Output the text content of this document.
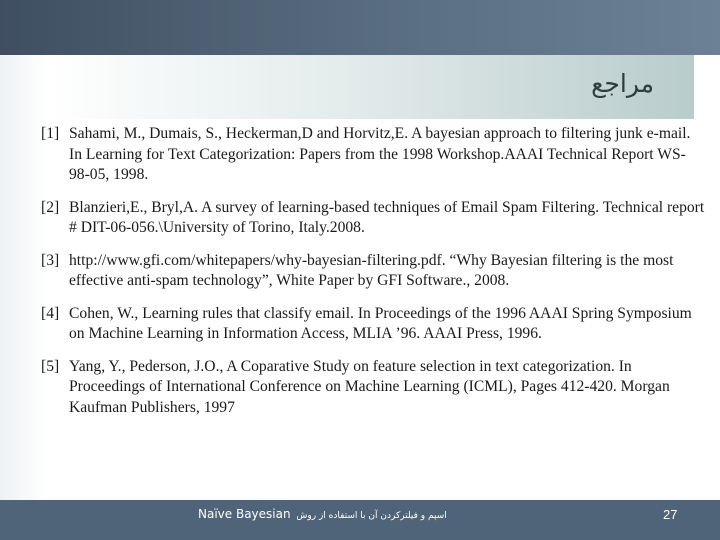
مراجع
[1] Sahami, M., Dumais, S., Heckerman,D and Horvitz,E. A bayesian approach to filtering junk e-mail. In Learning for Text Categorization: Papers from the 1998 Workshop.AAAI Technical Report WS-98-05, 1998.
[2] Blanzieri,E., Bryl,A. A survey of learning-based techniques of Email Spam Filtering. Technical report # DIT-06-056.\University of Torino, Italy.2008.
[3] http://www.gfi.com/whitepapers/why-bayesian-filtering.pdf. “Why Bayesian filtering is the most effective anti-spam technology”, White Paper by GFI Software., 2008.
[4] Cohen, W., Learning rules that classify email. In Proceedings of the 1996 AAAI Spring Symposium on Machine Learning in Information Access, MLIA ’96. AAAI Press, 1996.
[5] Yang, Y., Pederson, J.O., A Coparative Study on feature selection in text categorization. In Proceedings of International Conference on Machine Learning (ICML), Pages 412-420. Morgan Kaufman Publishers, 1997
Naïve Bayesian اسپم و فیلترکردن آن با استفاده از روش	27
